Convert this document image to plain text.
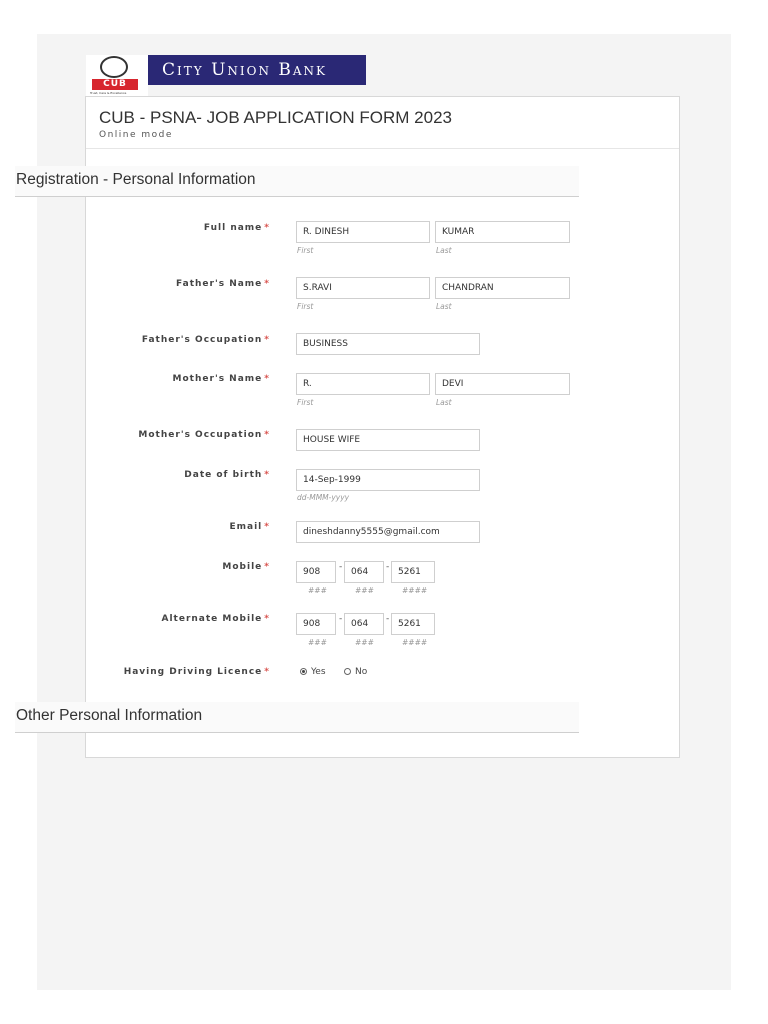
CUB
Trust, Care & Excellence
City Union Bank
CUB - PSNA- JOB APPLICATION FORM 2023
Online mode
Registration - Personal Information
Full name *	R. DINESH	KUMAR
First	Last
Father's Name *	S.RAVI	CHANDRAN
First	Last
Father's Occupation *	BUSINESS
Mother's Name *	R.	DEVI
First	Last
Mother's Occupation *	HOUSE WIFE
Date of birth *	14-Sep-1999
dd-MMM-yyyy
Email *	dineshdanny5555@gmail.com
Mobile *	908	- 064	- 5261
###	###	####
Alternate Mobile *	908	- 064	- 5261
###	###	####
Having Driving Licence *	Yes	No
Other Personal Information
